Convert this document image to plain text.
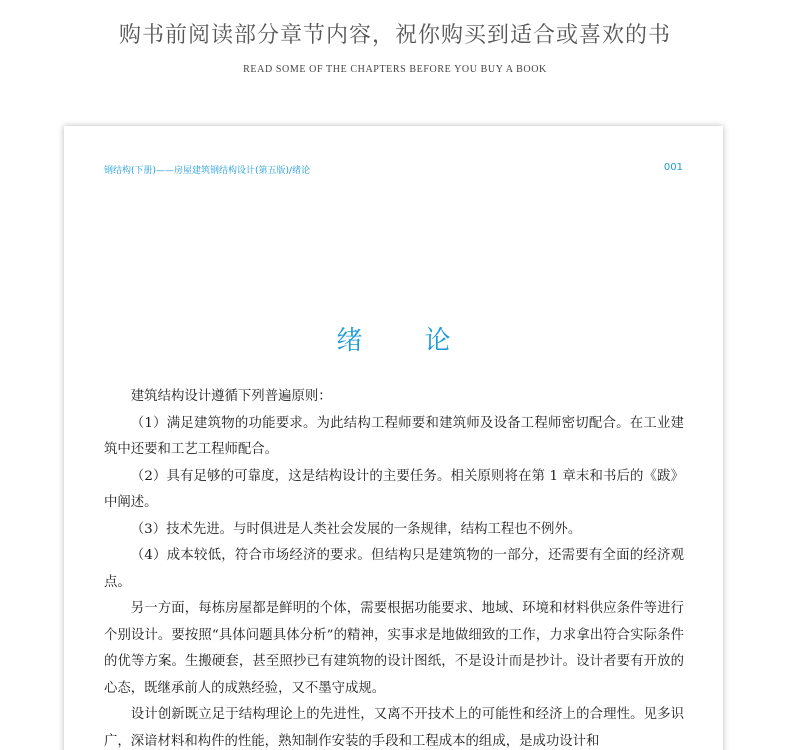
购书前阅读部分章节内容，祝你购买到适合或喜欢的书
READ SOME OF THE CHAPTERS BEFORE YOU BUY A BOOK
钢结构(下册)——房屋建筑钢结构设计(第五版)/绪论	001
绪论

建筑结构设计遵循下列普遍原则：

（1）满足建筑物的功能要求。为此结构工程师要和建筑师及设备工程师密切配合。在工业建筑中还要和工艺工程师配合。

（2）具有足够的可靠度，这是结构设计的主要任务。相关原则将在第 1 章末和书后的《跋》中阐述。

（3）技术先进。与时俱进是人类社会发展的一条规律，结构工程也不例外。

（4）成本较低，符合市场经济的要求。但结构只是建筑物的一部分，还需要有全面的经济观点。

另一方面，每栋房屋都是鲜明的个体，需要根据功能要求、地域、环境和材料供应条件等进行个别设计。要按照“具体问题具体分析”的精神，实事求是地做细致的工作，力求拿出符合实际条件的优等方案。生搬硬套，甚至照抄已有建筑物的设计图纸，不是设计而是抄计。设计者要有开放的心态，既继承前人的成熟经验，又不墨守成规。

设计创新既立足于结构理论上的先进性，又离不开技术上的可能性和经济上的合理性。见多识广，深谙材料和构件的性能，熟知制作安装的手段和工程成本的组成，是成功设计和
